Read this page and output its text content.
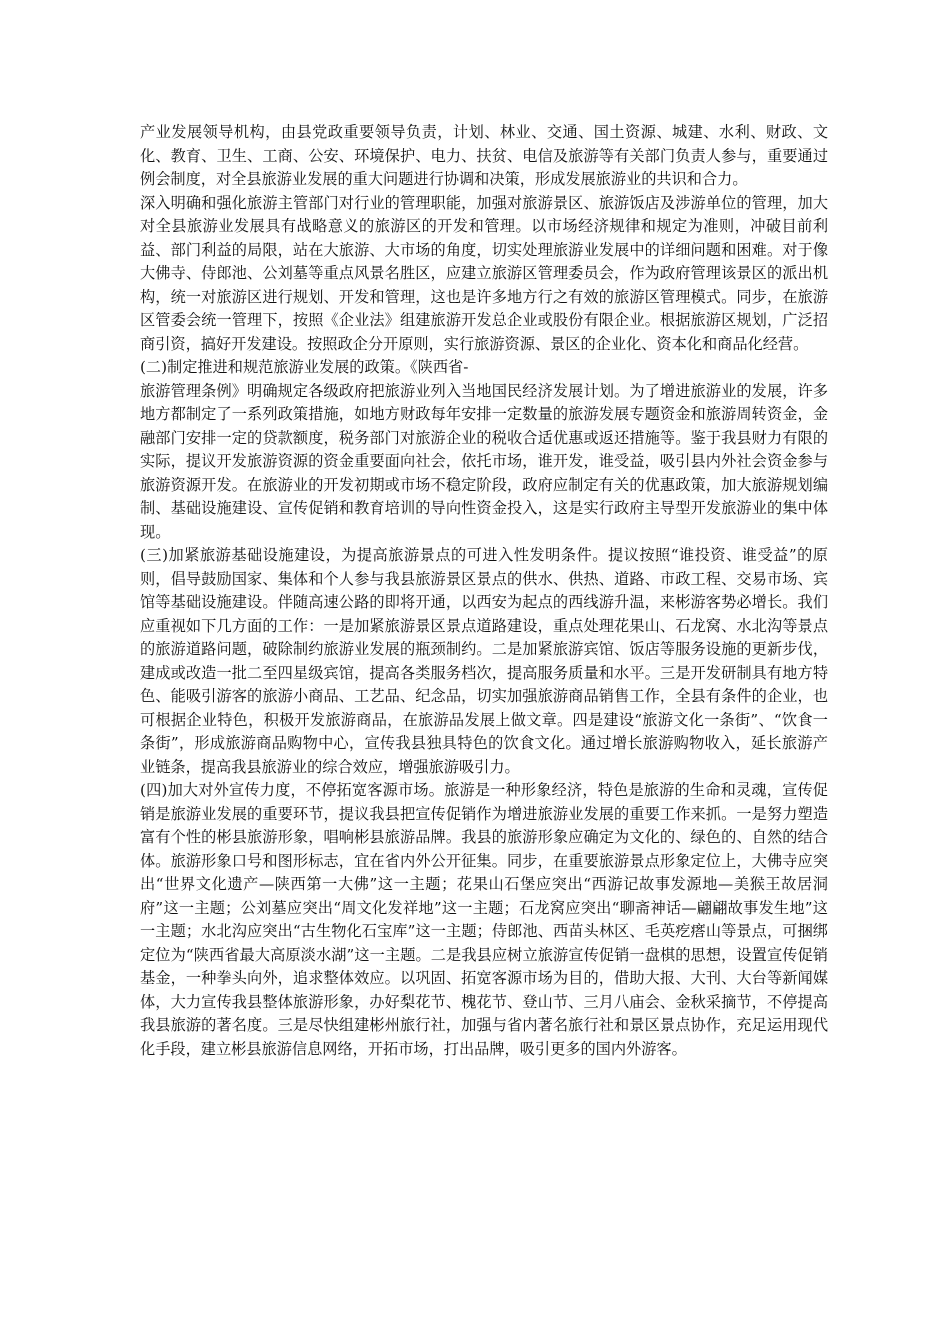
产业发展领导机构，由县党政重要领导负责，计划、林业、交通、国土资源、城建、水利、财政、文化、教育、卫生、工商、公安、环境保护、电力、扶贫、电信及旅游等有关部门负责人参与，重要通过例会制度，对全县旅游业发展的重大问题进行协调和决策，形成发展旅游业的共识和合力。

深入明确和强化旅游主管部门对行业的管理职能，加强对旅游景区、旅游饭店及涉游单位的管理，加大对全县旅游业发展具有战略意义的旅游区的开发和管理。以市场经济规律和规定为准则，冲破目前利益、部门利益的局限，站在大旅游、大市场的角度，切实处理旅游业发展中的详细问题和困难。对于像大佛寺、侍郎池、公刘墓等重点风景名胜区，应建立旅游区管理委员会，作为政府管理该景区的派出机构，统一对旅游区进行规划、开发和管理，这也是许多地方行之有效的旅游区管理模式。同步，在旅游区管委会统一管理下，按照《企业法》组建旅游开发总企业或股份有限企业。根据旅游区规划，广泛招商引资，搞好开发建设。按照政企分开原则，实行旅游资源、景区的企业化、资本化和商品化经营。

(二)制定推进和规范旅游业发展的政策。《陕西省-

旅游管理条例》明确规定各级政府把旅游业列入当地国民经济发展计划。为了增进旅游业的发展，许多地方都制定了一系列政策措施，如地方财政每年安排一定数量的旅游发展专题资金和旅游周转资金，金融部门安排一定的贷款额度，税务部门对旅游企业的税收合适优惠或返还措施等。鉴于我县财力有限的实际，提议开发旅游资源的资金重要面向社会，依托市场，谁开发，谁受益，吸引县内外社会资金参与旅游资源开发。在旅游业的开发初期或市场不稳定阶段，政府应制定有关的优惠政策，加大旅游规划编制、基础设施建设、宣传促销和教育培训的导向性资金投入，这是实行政府主导型开发旅游业的集中体现。

(三)加紧旅游基础设施建设，为提高旅游景点的可进入性发明条件。提议按照“谁投资、谁受益”的原则，倡导鼓励国家、集体和个人参与我县旅游景区景点的供水、供热、道路、市政工程、交易市场、宾馆等基础设施建设。伴随高速公路的即将开通，以西安为起点的西线游升温，来彬游客势必增长。我们应重视如下几方面的工作：一是加紧旅游景区景点道路建设，重点处理花果山、石龙窝、水北沟等景点的旅游道路问题，破除制约旅游业发展的瓶颈制约。二是加紧旅游宾馆、饭店等服务设施的更新步伐，建成或改造一批二至四星级宾馆，提高各类服务档次，提高服务质量和水平。三是开发研制具有地方特色、能吸引游客的旅游小商品、工艺品、纪念品，切实加强旅游商品销售工作，全县有条件的企业，也可根据企业特色，积极开发旅游商品，在旅游品发展上做文章。四是建设“旅游文化一条街”、“饮食一条街”，形成旅游商品购物中心，宣传我县独具特色的饮食文化。通过增长旅游购物收入，延长旅游产业链条，提高我县旅游业的综合效应，增强旅游吸引力。

(四)加大对外宣传力度，不停拓宽客源市场。旅游是一种形象经济，特色是旅游的生命和灵魂，宣传促销是旅游业发展的重要环节，提议我县把宣传促销作为增进旅游业发展的重要工作来抓。一是努力塑造富有个性的彬县旅游形象，唱响彬县旅游品牌。我县的旅游形象应确定为文化的、绿色的、自然的结合体。旅游形象口号和图形标志，宜在省内外公开征集。同步，在重要旅游景点形象定位上，大佛寺应突出“世界文化遗产—陕西第一大佛”这一主题；花果山石堡应突出“西游记故事发源地—美猴王故居洞府”这一主题；公刘墓应突出“周文化发祥地”这一主题；石龙窝应突出“聊斋神话—翩翩故事发生地”这一主题；水北沟应突出“古生物化石宝库”这一主题；侍郎池、西苗头林区、毛英疙瘩山等景点，可捆绑定位为“陕西省最大高原淡水湖”这一主题。二是我县应树立旅游宣传促销一盘棋的思想，设置宣传促销基金，一种拳头向外，追求整体效应。以巩固、拓宽客源市场为目的，借助大报、大刊、大台等新闻媒体，大力宣传我县整体旅游形象，办好梨花节、槐花节、登山节、三月八庙会、金秋采摘节，不停提高我县旅游的著名度。三是尽快组建彬州旅行社，加强与省内著名旅行社和景区景点协作，充足运用现代化手段，建立彬县旅游信息网络，开拓市场，打出品牌，吸引更多的国内外游客。
